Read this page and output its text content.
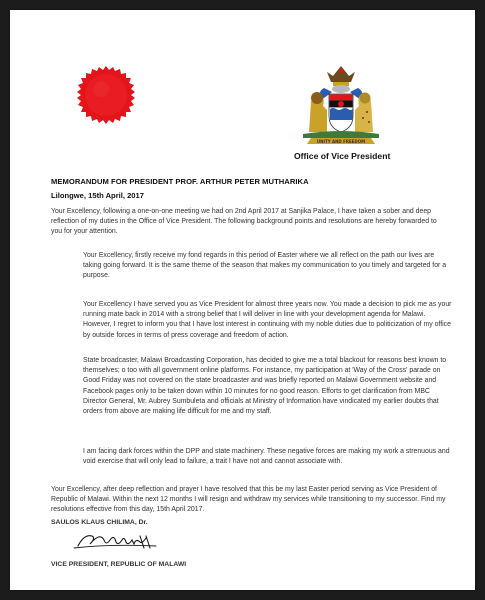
UNITY AND FREEDOM
Office of Vice President
MEMORANDUM FOR PRESIDENT PROF. ARTHUR PETER MUTHARIKA
Lilongwe, 15th April, 2017

Your Excellency, following a one-on-one meeting we had on 2nd April 2017 at Sanjika Palace, I have taken a sober and deep reflection of my duties in the Office of Vice President. The following background points and resolutions are hereby forwarded to you for your attention.

Your Excellency, firstly receive my fond regards in this period of Easter where we all reflect on the path our lives are taking going forward. It is the same theme of the season that makes my communication to you timely and targeted for a purpose.

Your Excellency I have served you as Vice President for almost three years now. You made a decision to pick me as your running mate back in 2014 with a strong belief that I will deliver in line with your development agenda for Malawi. However, I regret to inform you that I have lost interest in continuing with my noble duties due to politicization of my office by outside forces in terms of press coverage and freedom of action.

State broadcaster, Malawi Broadcasting Corporation, has decided to give me a total blackout for reasons best known to themselves; o too with all government online platforms. For instance, my participation at 'Way of the Cross' parade on Good Friday was not covered on the state broadcaster and was briefly reported on Malawi Government website and Facebook pages only to be taken down within 10 minutes for no good reason. Efforts to get clarification from MBC Director General, Mr. Aubrey Sumbuleta and officials at Ministry of Information have vindicated my earlier doubts that orders from above are making life difficult for me and my staff.

I am facing dark forces within the DPP and state machinery. These negative forces are making my work a strenuous and void exercise that will only lead to failure, a trait I have not and cannot associate with.

Your Excellency, after deep reflection and prayer I have resolved that this be my last Easter period serving as Vice President of Republic of Malawi. Within the next 12 months I will resign and withdraw my services while transitioning to my successor. Find my resolutions effective from this day, 15th April 2017.

SAULOS KLAUS CHILIMA, Dr.
VICE PRESIDENT, REPUBLIC OF MALAWI
